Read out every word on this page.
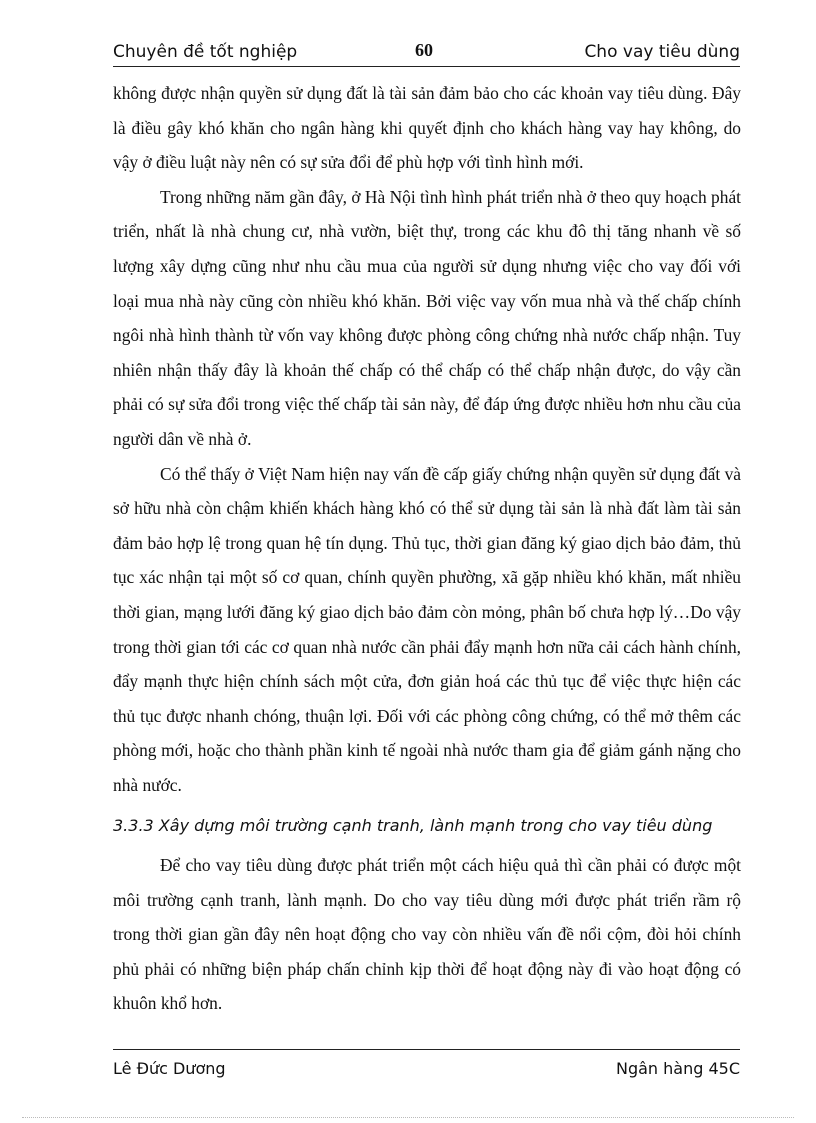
Chuyên đề tốt nghiệp	60	Cho vay tiêu dùng

không được nhận quyền sử dụng đất là tài sản đảm bảo cho các khoản vay tiêu dùng. Đây là điều gây khó khăn cho ngân hàng khi quyết định cho khách hàng vay hay không, do vậy ở điều luật này nên có sự sửa đổi để phù hợp với tình hình mới.

Trong những năm gần đây, ở Hà Nội tình hình phát triển nhà ở theo quy hoạch phát triển, nhất là nhà chung cư, nhà vườn, biệt thự, trong các khu đô thị tăng nhanh về số lượng xây dựng cũng như nhu cầu mua của người sử dụng nhưng việc cho vay đối với loại mua nhà này cũng còn nhiều khó khăn. Bởi việc vay vốn mua nhà và thế chấp chính ngôi nhà hình thành từ vốn vay không được phòng công chứng nhà nước chấp nhận. Tuy nhiên nhận thấy đây là khoản thế chấp có thể chấp có thể chấp nhận được, do vậy cần phải có sự sửa đổi trong việc thế chấp tài sản này, để đáp ứng được nhiều hơn nhu cầu của người dân về nhà ở.

Có thể thấy ở Việt Nam hiện nay vấn đề cấp giấy chứng nhận quyền sử dụng đất và sở hữu nhà còn chậm khiến khách hàng khó có thể sử dụng tài sản là nhà đất làm tài sản đảm bảo hợp lệ trong quan hệ tín dụng. Thủ tục, thời gian đăng ký giao dịch bảo đảm, thủ tục xác nhận tại một số cơ quan, chính quyền phường, xã gặp nhiều khó khăn, mất nhiều thời gian, mạng lưới đăng ký giao dịch bảo đảm còn mỏng, phân bố chưa hợp lý…Do vậy trong thời gian tới các cơ quan nhà nước cần phải đẩy mạnh hơn nữa cải cách hành chính, đẩy mạnh thực hiện chính sách một cửa, đơn giản hoá các thủ tục để việc thực hiện các thủ tục được nhanh chóng, thuận lợi. Đối với các phòng công chứng, có thể mở thêm các phòng mới, hoặc cho thành phần kinh tế ngoài nhà nước tham gia để giảm gánh nặng cho nhà nước.

3.3.3 Xây dựng môi trường cạnh tranh, lành mạnh trong cho vay tiêu dùng

Để cho vay tiêu dùng được phát triển một cách hiệu quả thì cần phải có được một môi trường cạnh tranh, lành mạnh. Do cho vay tiêu dùng mới được phát triển rầm rộ trong thời gian gần đây nên hoạt động cho vay còn nhiều vấn đề nổi cộm, đòi hỏi chính phủ phải có những biện pháp chấn chỉnh kịp thời để hoạt động này đi vào hoạt động có khuôn khổ hơn.

Lê Đức Dương	Ngân hàng 45C
